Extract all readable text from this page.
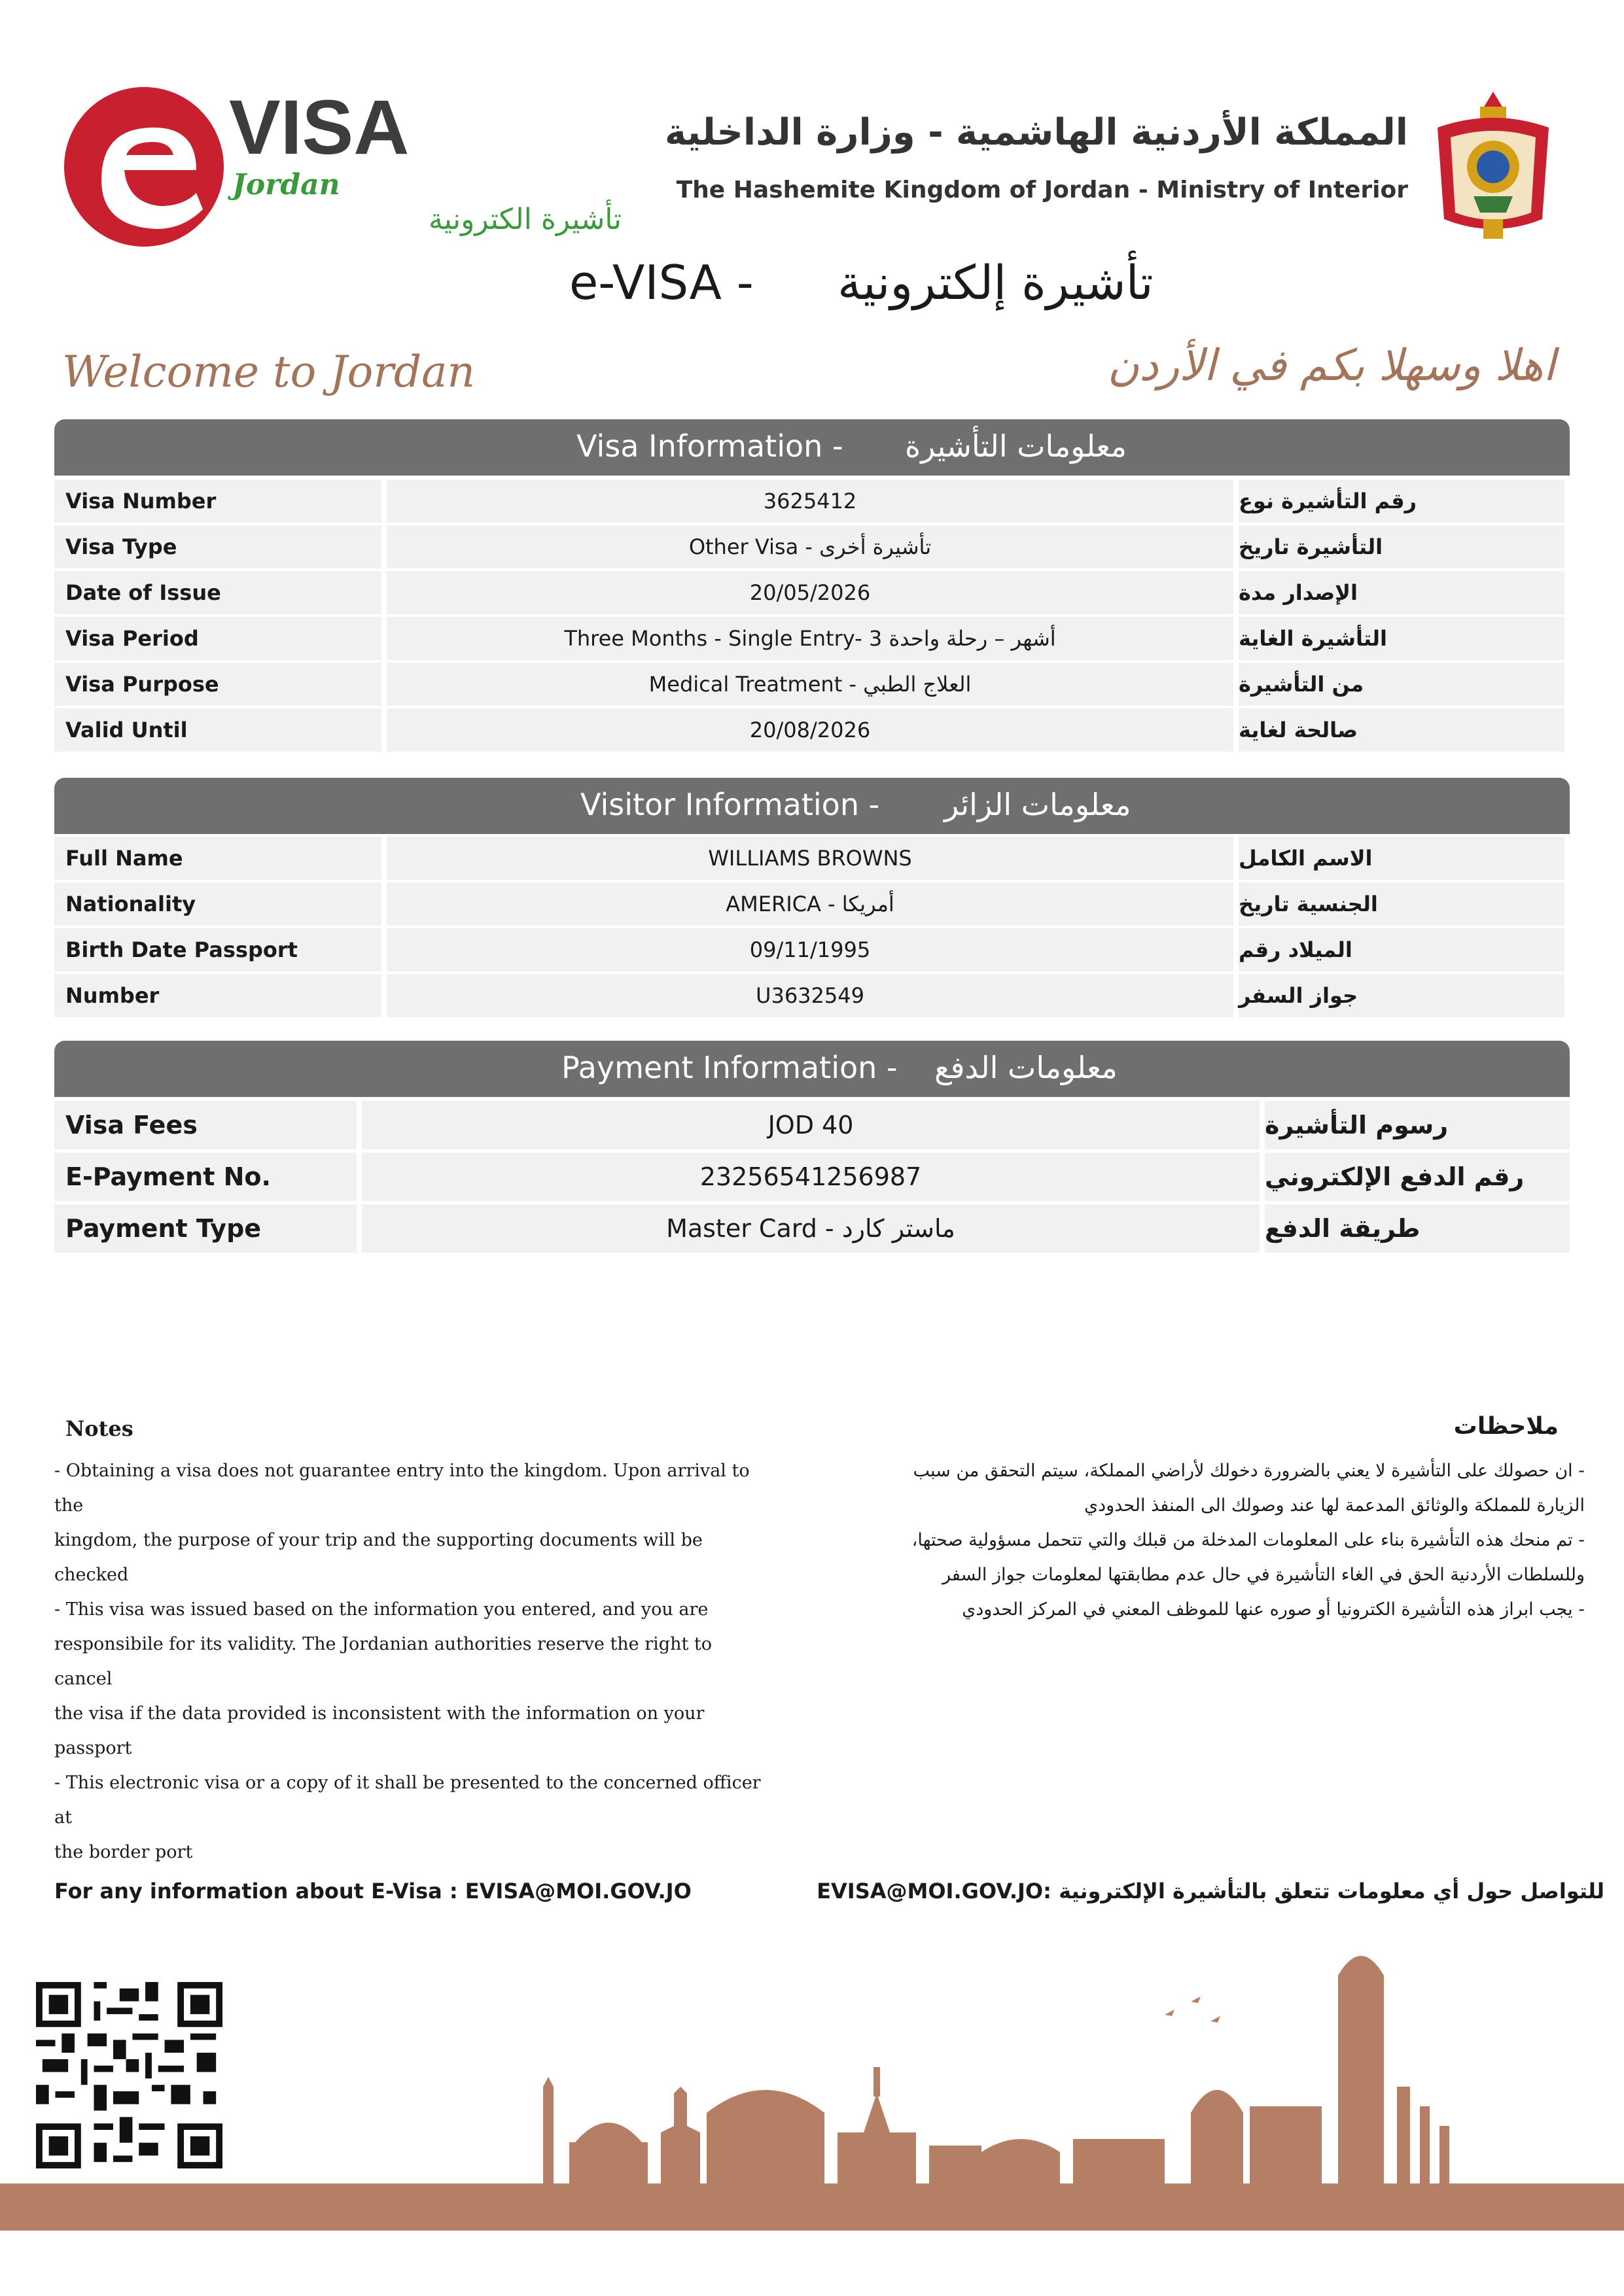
VISA
Jordan
تأشيرة الكترونية
المملكة الأردنية الهاشمية - وزارة الداخلية
The Hashemite Kingdom of Jordan - Ministry of Interior
e-VISA - تأشيرة إلكترونية
Welcome to Jordan	اهلا وسهلا بكم في الأردن
Visa Information - معلومات التأشيرة
Visa Number	3625412	رقم التأشيرة نوع
Visa Type	Other Visa - تأشيرة أخرى	التأشيرة تاريخ
Date of Issue	20/05/2026	الإصدار مدة
Visa Period	Three Months - Single Entry- 3 أشهر – رحلة واحدة	التأشيرة الغاية
Visa Purpose	Medical Treatment - العلاج الطبي	من التأشيرة
Valid Until	20/08/2026	صالحة لغاية
Visitor Information - معلومات الزائر
Full Name	WILLIAMS BROWNS	الاسم الكامل
Nationality	AMERICA - أمريكا	الجنسية تاريخ
Birth Date Passport	09/11/1995	الميلاد رقم
Number	U3632549	جواز السفر
Payment Information - معلومات الدفع
Visa Fees	JOD 40	رسوم التأشيرة
E-Payment No.	23256541256987	رقم الدفع الإلكتروني
Payment Type	Master Card - ماستر كارد	طريقة الدفع
Notes	ملاحظات
- Obtaining a visa does not guarantee entry into the kingdom. Upon arrival to the
kingdom, the purpose of your trip and the supporting documents will be checked
- This visa was issued based on the information you entered, and you are
responsibile for its validity. The Jordanian authorities reserve the right to cancel
the visa if the data provided is inconsistent with the information on your passport
- This electronic visa or a copy of it shall be presented to the concerned officer at
the border port
- ان حصولك على التأشيرة لا يعني بالضرورة دخولك لأراضي المملكة، سيتم التحقق من سبب
الزيارة للمملكة والوثائق المدعمة لها عند وصولك الى المنفذ الحدودي
- تم منحك هذه التأشيرة بناء على المعلومات المدخلة من قبلك والتي تتحمل مسؤولية صحتها،
وللسلطات الأردنية الحق في الغاء التأشيرة في حال عدم مطابقتها لمعلومات جواز السفر
- يجب ابراز هذه التأشيرة الكترونيا أو صوره عنها للموظف المعني في المركز الحدودي
For any information about E-Visa : EVISA@MOI.GOV.JO	للتواصل حول أي معلومات تتعلق بالتأشيرة الإلكترونية :EVISA@MOI.GOV.JO
